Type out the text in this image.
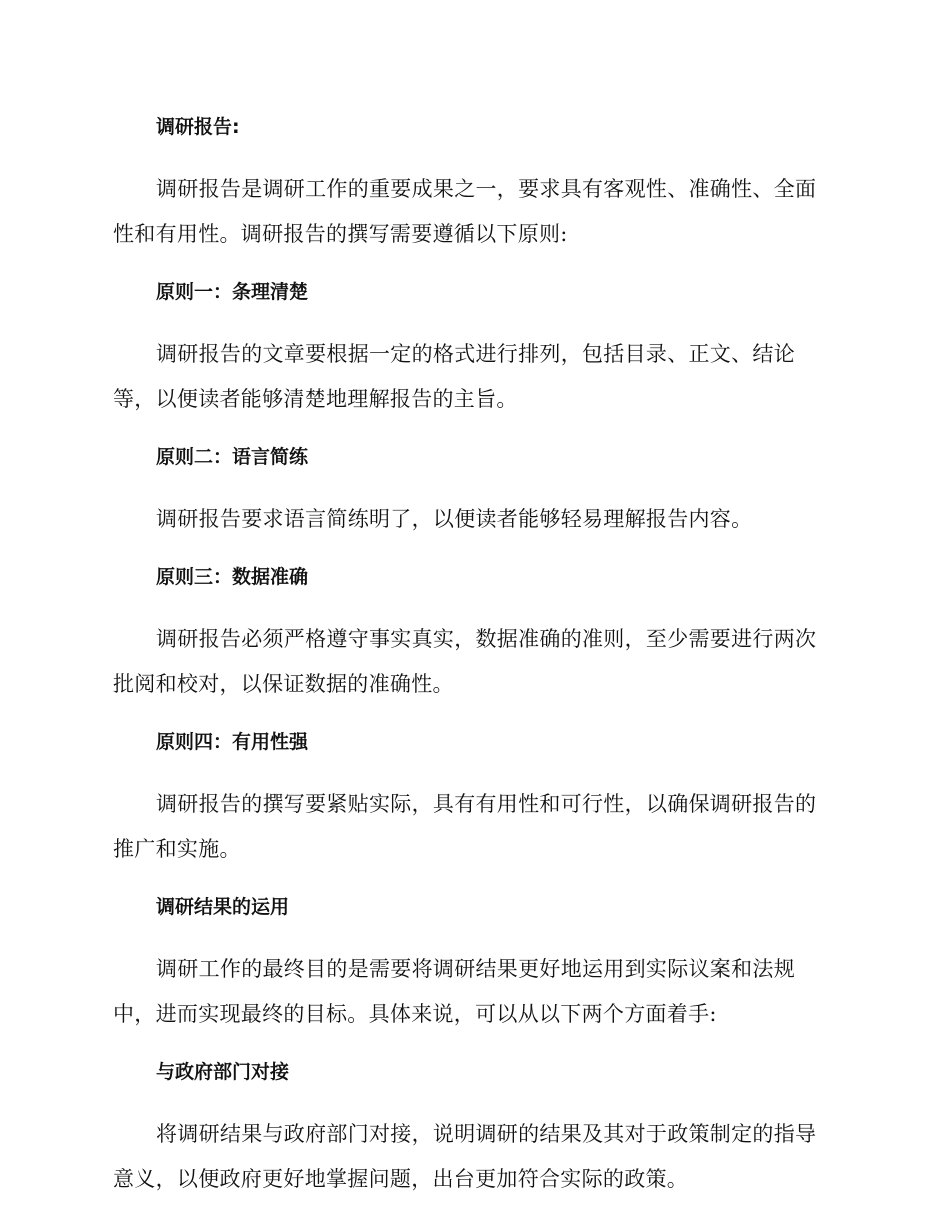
调研报告:

调研报告是调研工作的重要成果之一，要求具有客观性、准确性、全面性和有用性。调研报告的撰写需要遵循以下原则:

原则一：条理清楚

调研报告的文章要根据一定的格式进行排列，包括目录、正文、结论等，以便读者能够清楚地理解报告的主旨。

原则二：语言简练

调研报告要求语言简练明了，以便读者能够轻易理解报告内容。

原则三：数据准确

调研报告必须严格遵守事实真实，数据准确的准则，至少需要进行两次批阅和校对，以保证数据的准确性。

原则四：有用性强

调研报告的撰写要紧贴实际，具有有用性和可行性，以确保调研报告的推广和实施。

调研结果的运用

调研工作的最终目的是需要将调研结果更好地运用到实际议案和法规中，进而实现最终的目标。具体来说，可以从以下两个方面着手:

与政府部门对接

将调研结果与政府部门对接，说明调研的结果及其对于政策制定的指导意义，以便政府更好地掌握问题，出台更加符合实际的政策。
